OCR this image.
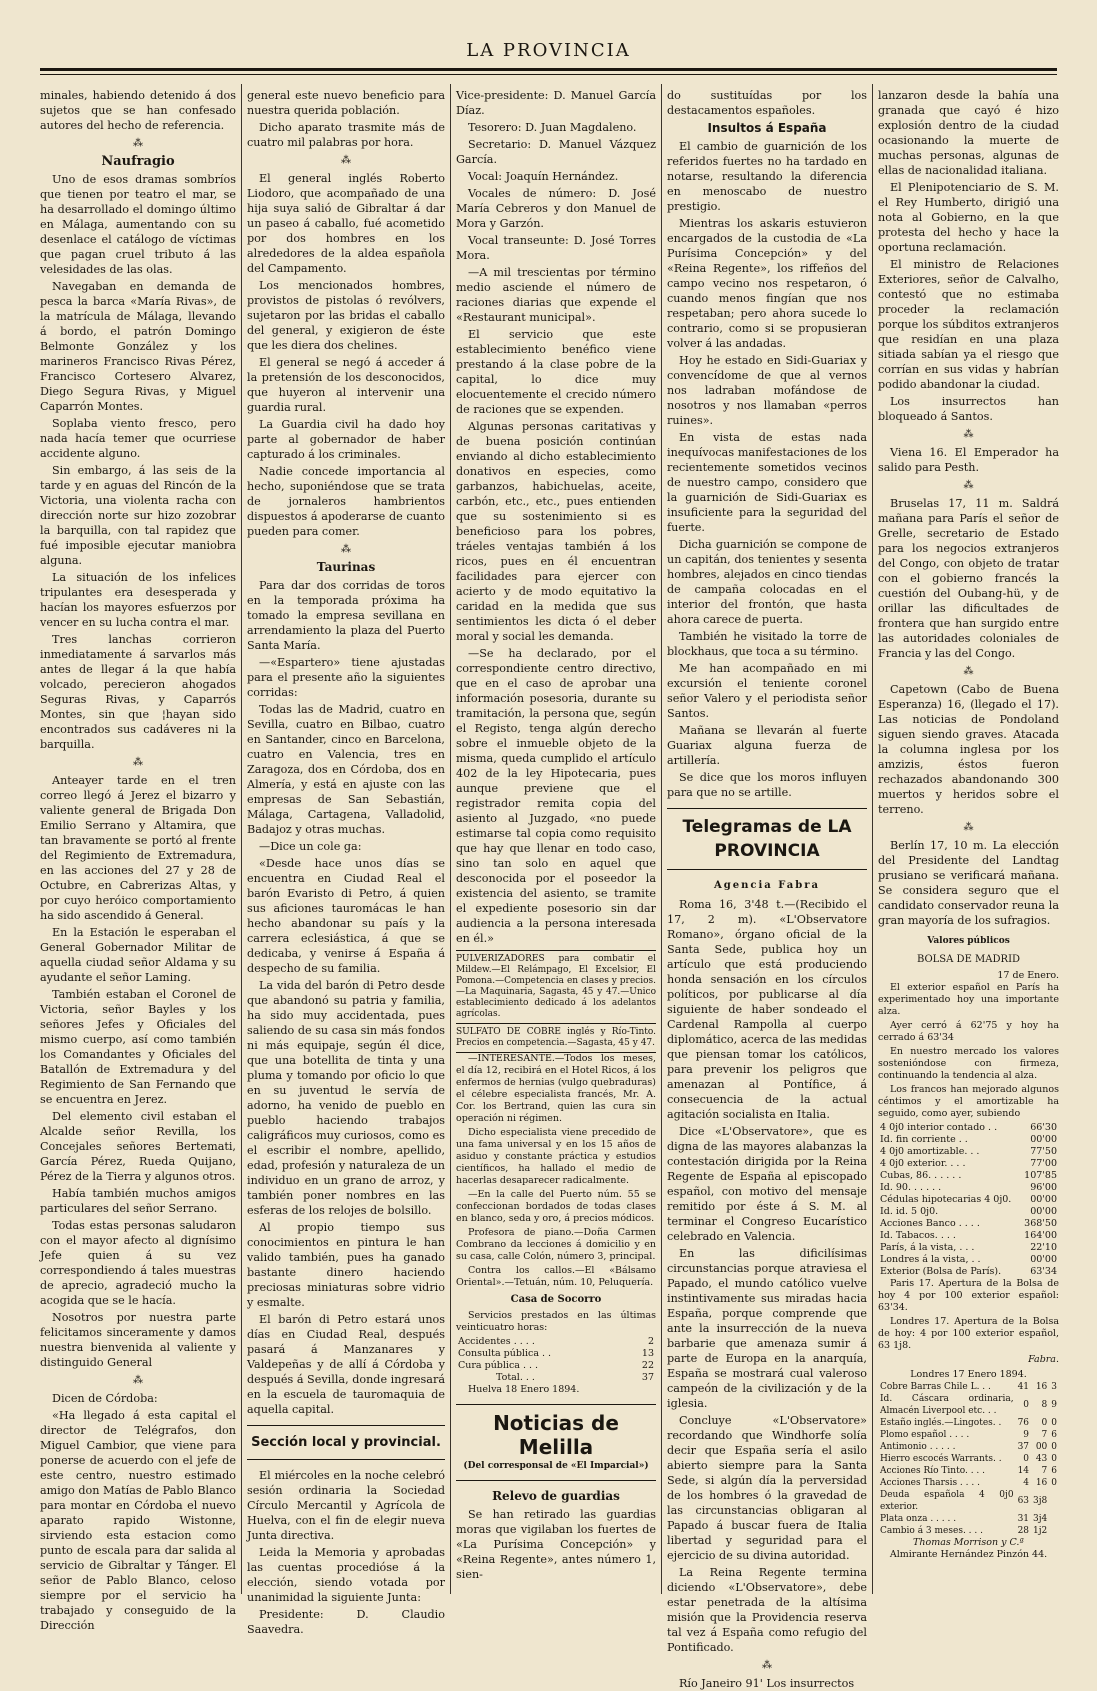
LA PROVINCIA

minales, habiendo detenido á dos sujetos que se han confesado autores del hecho de referencia.

⁂
Naufragio

Uno de esos dramas sombríos que tienen por teatro el mar, se ha desarrollado el domingo último en Málaga, aumentando con su desenlace el catálogo de víctimas que pagan cruel tributo á las velesidades de las olas.

Navegaban en demanda de pesca la barca «María Rivas», de la matrícula de Málaga, llevando á bordo, el patrón Domingo Belmonte González y los marineros Francisco Rivas Pérez, Francisco Cortesero Alvarez, Diego Segura Rivas, y Miguel Caparrón Montes.

Soplaba viento fresco, pero nada hacía temer que ocurriese accidente alguno.

Sin embargo, á las seis de la tarde y en aguas del Rincón de la Victoria, una violenta racha con dirección norte sur hizo zozobrar la barquilla, con tal rapidez que fué imposible ejecutar maniobra alguna.

La situación de los infelices tripulantes era desesperada y hacían los mayores esfuerzos por vencer en su lucha contra el mar.

Tres lanchas corrieron inmediatamente á sarvarlos más antes de llegar á la que había volcado, perecieron ahogados Seguras Rivas, y Caparrós Montes, sin que ¦hayan sido encontrados sus cadáveres ni la barquilla.

⁂

Anteayer tarde en el tren correo llegó á Jerez el bizarro y valiente general de Brigada Don Emilio Serrano y Altamira, que tan bravamente se portó al frente del Regimiento de Extremadura, en las acciones del 27 y 28 de Octubre, en Cabrerizas Altas, y por cuyo heróico comportamiento ha sido ascendido á General.

En la Estación le esperaban el General Gobernador Militar de aquella ciudad señor Aldama y su ayudante el señor Laming.

También estaban el Coronel de Victoria, señor Bayles y los señores Jefes y Oficiales del mismo cuerpo, así como también los Comandantes y Oficiales del Batallón de Extremadura y del Regimiento de San Fernando que se encuentra en Jerez.

Del elemento civil estaban el Alcalde señor Revilla, los Concejales señores Bertemati, García Pérez, Rueda Quijano, Pérez de la Tierra y algunos otros.

Había también muchos amigos particulares del señor Serrano.

Todas estas personas saludaron con el mayor afecto al dignísimo Jefe quien á su vez correspondiendo á tales muestras de aprecio, agradeció mucho la acogida que se le hacía.

Nosotros por nuestra parte felicitamos sinceramente y damos nuestra bienvenida al valiente y distinguido General

⁂

Dicen de Córdoba:

«Ha llegado á esta capital el director de Telégrafos, don Miguel Cambior, que viene para ponerse de acuerdo con el jefe de este centro, nuestro estimado amigo don Matías de Pablo Blanco para montar en Córdoba el nuevo aparato rapido Wistonne, sirviendo esta estacion como punto de escala para dar salida al servicio de Gibraltar y Tánger. El señor de Pablo Blanco, celoso siempre por el servicio ha trabajado y conseguido de la Dirección

general este nuevo beneficio para nuestra querida población.

Dicho aparato trasmite más de cuatro mil palabras por hora.

⁂

El general inglés Roberto Liodoro, que acompañado de una hija suya salió de Gibraltar á dar un paseo á caballo, fué acometido por dos hombres en los alrededores de la aldea española del Campamento.

Los mencionados hombres, provistos de pistolas ó revólvers, sujetaron por las bridas el caballo del general, y exigieron de éste que les diera dos chelines.

El general se negó á acceder á la pretensión de los desconocidos, que huyeron al intervenir una guardia rural.

La Guardia civil ha dado hoy parte al gobernador de haber capturado á los criminales.

Nadie concede importancia al hecho, suponiéndose que se trata de jornaleros hambrientos dispuestos á apoderarse de cuanto pueden para comer.

⁂
Taurinas

Para dar dos corridas de toros en la temporada próxima ha tomado la empresa sevillana en arrendamiento la plaza del Puerto Santa María.

—«Espartero» tiene ajustadas para el presente año la siguientes corridas:

Todas las de Madrid, cuatro en Sevilla, cuatro en Bilbao, cuatro en Santander, cinco en Barcelona, cuatro en Valencia, tres en Zaragoza, dos en Córdoba, dos en Almería, y está en ajuste con las empresas de San Sebastián, Málaga, Cartagena, Valladolid, Badajoz y otras muchas.

—Dice un cole ga:

«Desde hace unos días se encuentra en Ciudad Real el barón Evaristo di Petro, á quien sus aficiones tauromácas le han hecho abandonar su país y la carrera eclesiástica, á que se dedicaba, y venirse á España á despecho de su familia.

La vida del barón di Petro desde que abandonó su patria y familia, ha sido muy accidentada, pues saliendo de su casa sin más fondos ni más equipaje, según él dice, que una botellita de tinta y una pluma y tomando por oficio lo que en su juventud le servía de adorno, ha venido de pueblo en pueblo haciendo trabajos caligráficos muy curiosos, como es el escribir el nombre, apellido, edad, profesión y naturaleza de un individuo en un grano de arroz, y también poner nombres en las esferas de los relojes de bolsillo.

Al propio tiempo sus conocimientos en pintura le han valido también, pues ha ganado bastante dinero haciendo preciosas miniaturas sobre vidrio y esmalte.

El barón di Petro estará unos días en Ciudad Real, después pasará á Manzanares y Valdepeñas y de allí á Córdoba y después á Sevilla, donde ingresará en la escuela de tauromaquia de aquella capital.

Sección local y provincial.

El miércoles en la noche celebró sesión ordinaria la Sociedad Círculo Mercantil y Agrícola de Huelva, con el fin de elegir nueva Junta directiva.

Leida la Memoria y aprobadas las cuentas procedióse á la elección, siendo votada por unanimidad la siguiente Junta:

Presidente: D. Claudio Saavedra.

Vice-presidente: D. Manuel García Díaz.

Tesorero: D. Juan Magdaleno.

Secretario: D. Manuel Vázquez García.

Vocal: Joaquín Hernández.

Vocales de número: D. José María Cebreros y don Manuel de Mora y Garzón.

Vocal transeunte: D. José Torres Mora.

—A mil trescientas por término medio asciende el número de raciones diarias que expende el «Restaurant municipal».

El servicio que este establecimiento benéfico viene prestando á la clase pobre de la capital, lo dice muy elocuentemente el crecido número de raciones que se expenden.

Algunas personas caritativas y de buena posición continúan enviando al dicho establecimiento donativos en especies, como garbanzos, habichuelas, aceite, carbón, etc., etc., pues entienden que su sostenimiento si es beneficioso para los pobres, tráeles ventajas también á los ricos, pues en él encuentran facilidades para ejercer con acierto y de modo equitativo la caridad en la medida que sus sentimientos les dicta ó el deber moral y social les demanda.

—Se ha declarado, por el correspondiente centro directivo, que en el caso de aprobar una información posesoria, durante su tramitación, la persona que, según el Registo, tenga algún derecho sobre el inmueble objeto de la misma, queda cumplido el artículo 402 de la ley Hipotecaria, pues aunque previene que el registrador remita copia del asiento al Juzgado, «no puede estimarse tal copia como requisito que hay que llenar en todo caso, sino tan solo en aquel que desconocida por el poseedor la existencia del asiento, se tramite el expediente posesorio sin dar audiencia a la persona interesada en él.»

PULVERIZADORES para combatir el Mildew.—El Relámpago, El Excelsior, El Pomona.—Competencia en clases y precios.—La Maquinaria, Sagasta, 45 y 47.—Unico establecimiento dedicado á los adelantos agrícolas.
SULFATO DE COBRE inglés y Río-Tinto. Precios en competencia.—Sagasta, 45 y 47.

—INTERESANTE.—Todos los meses, el día 12, recibirá en el Hotel Ricos, á los enfermos de hernias (vulgo quebraduras) el célebre especialista francés, Mr. A. Cor. los Bertrand, quien las cura sin operación ni régimen.

Dicho especialista viene precedido de una fama universal y en los 15 años de asiduo y constante práctica y estudios científicos, ha hallado el medio de hacerlas desaparecer radicalmente.

—En la calle del Puerto núm. 55 se confeccionan bordados de todas clases en blanco, seda y oro, á precios módicos.

Profesora de piano.—Doña Carmen Combrano da lecciones á domicilio y en su casa, calle Colón, número 3, principal.

Contra los callos.—El «Bálsamo Oriental».—Tetuán, núm. 10, Peluquería.

Casa de Socorro

Servicios prestados en las últimas veinticuatro horas:

Accidentes . . . .	2
Consulta pública . .	13
Cura pública . . .	22
Total. . .	37

Huelva 18 Enero 1894.

Noticias de Melilla
(Del corresponsal de «El Imparcial»)
Relevo de guardias

Se han retirado las guardias moras que vigilaban los fuertes de «La Purísima Concepción» y «Reina Regente», antes número 1, sien-

do sustituídas por los destacamentos españoles.

Insultos á España

El cambio de guarnición de los referidos fuertes no ha tardado en notarse, resultando la diferencia en menoscabo de nuestro prestigio.

Mientras los askaris estuvieron encargados de la custodia de «La Purísima Concepción» y del «Reina Regente», los riffeños del campo vecino nos respetaron, ó cuando menos fingían que nos respetaban; pero ahora sucede lo contrario, como si se propusieran volver á las andadas.

Hoy he estado en Sidi-Guariax y convencídome de que al vernos nos ladraban mofándose de nosotros y nos llamaban «perros ruines».

En vista de estas nada inequívocas manifestaciones de los recientemente sometidos vecinos de nuestro campo, considero que la guarnición de Sidi-Guariax es insuficiente para la seguridad del fuerte.

Dicha guarnición se compone de un capitán, dos tenientes y sesenta hombres, alejados en cinco tiendas de campaña colocadas en el interior del frontón, que hasta ahora carece de puerta.

También he visitado la torre de blockhaus, que toca a su término.

Me han acompañado en mi excursión el teniente coronel señor Valero y el periodista señor Santos.

Mañana se llevarán al fuerte Guariax alguna fuerza de artillería.

Se dice que los moros influyen para que no se artille.

Telegramas de LA PROVINCIA
Agencia Fabra

Roma 16, 3'48 t.—(Recibido el 17, 2 m). «L'Observatore Romano», órgano oficial de la Santa Sede, publica hoy un artículo que está produciendo honda sensación en los círculos políticos, por publicarse al día siguiente de haber sondeado el Cardenal Rampolla al cuerpo diplomático, acerca de las medidas que piensan tomar los católicos, para prevenir los peligros que amenazan al Pontífice, á consecuencia de la actual agitación socialista en Italia.

Dice «L'Observatore», que es digna de las mayores alabanzas la contestación dirigida por la Reina Regente de España al episcopado español, con motivo del mensaje remitido por éste á S. M. al terminar el Congreso Eucarístico celebrado en Valencia.

En las dificilísimas circunstancias porque atraviesa el Papado, el mundo católico vuelve instintivamente sus miradas hacia España, porque comprende que ante la insurrección de la nueva barbarie que amenaza sumir á parte de Europa en la anarquía, España se mostrará cual valeroso campeón de la civilización y de la iglesia.

Concluye «L'Observatore» recordando que Windhorfe solía decir que España sería el asilo abierto siempre para la Santa Sede, si algún día la perversidad de los hombres ó la gravedad de las circunstancias obligaran al Papado á buscar fuera de Italia libertad y seguridad para el ejercicio de su divina autoridad.

La Reina Regente termina diciendo «L'Observatore», debe estar penetrada de la altísima misión que la Providencia reserva tal vez á España como refugio del Pontificado.

⁂

Río Janeiro 91' Los insurrectos

lanzaron desde la bahía una granada que cayó é hizo explosión dentro de la ciudad ocasionando la muerte de muchas personas, algunas de ellas de nacionalidad italiana.

El Plenipotenciario de S. M. el Rey Humberto, dirigió una nota al Gobierno, en la que protesta del hecho y hace la oportuna reclamación.

El ministro de Relaciones Exteriores, señor de Calvalho, contestó que no estimaba proceder la reclamación porque los súbditos extranjeros que residían en una plaza sitiada sabían ya el riesgo que corrían en sus vidas y habrían podido abandonar la ciudad.

Los insurrectos han bloqueado á Santos.

⁂

Viena 16. El Emperador ha salido para Pesth.

⁂

Bruselas 17, 11 m. Saldrá mañana para París el señor de Grelle, secretario de Estado para los negocios extranjeros del Congo, con objeto de tratar con el gobierno francés la cuestión del Oubang-hü, y de orillar las dificultades de frontera que han surgido entre las autoridades coloniales de Francia y las del Congo.

⁂

Capetown (Cabo de Buena Esperanza) 16, (llegado el 17). Las noticias de Pondoland siguen siendo graves. Atacada la columna inglesa por los amzizis, éstos fueron rechazados abandonando 300 muertos y heridos sobre el terreno.

⁂

Berlín 17, 10 m. La elección del Presidente del Landtag prusiano se verificará mañana. Se considera seguro que el candidato conservador reuna la gran mayoría de los sufragios.

Valores públicos
BOLSA DE MADRID
17 de Enero.

El exterior español en París ha experimentado hoy una importante alza.

Ayer cerró á 62'75 y hoy ha cerrado á 63'34

En nuestro mercado los valores sostenióndose con firmeza, continuando la tendencia al alza.

Los francos han mejorado algunos céntimos y el amortizable ha seguido, como ayer, subiendo

4 0j0 interior contado . .	66'30
Id. fin corriente . .	00'00
4 0j0 amortizable. . .	77'50
4 0j0 exterior. . . .	77'00
Cubas, 86. . . . . .	107'85
Id. 90. . . . . .	96'00
Cédulas hipotecarias 4 0j0.	00'00
Id. id. 5 0j0.	00'00
Acciones Banco . . . .	368'50
Id. Tabacos. . . .	164'00
París, á la vista, . . .	22'10
Londres á la vista, . .	00'00
Exterior (Bolsa de París).	63'34

Paris 17. Apertura de la Bolsa de hoy 4 por 100 exterior español: 63'34.

Londres 17. Apertura de la Bolsa de hoy: 4 por 100 exterior español, 63 1j8.

Fabra.
Londres 17 Enero 1894.
Cobre Barras Chile L. . .	41	16	3
Id. Cáscara ordinaria, Almacén Liverpool etc. . .	0	8	9
Estaño inglés.—Lingotes. .	76	0	0
Plomo español . . . .	9	7	6
Antimonio . . . . .	37	00	0
Hierro escocés Warrants. .	0	43	0
Acciones Río Tinto. . . .	14	7	6
Acciones Tharsis . . . .	4	16	0
Deuda española 4 0j0 exterior.	63	3j8	
Plata onza . . . . .	31	3j4	
Cambio á 3 meses. . . .	28	1j2	
Thomas Morrison y C.ª
Almirante Hernández Pinzón 44.
